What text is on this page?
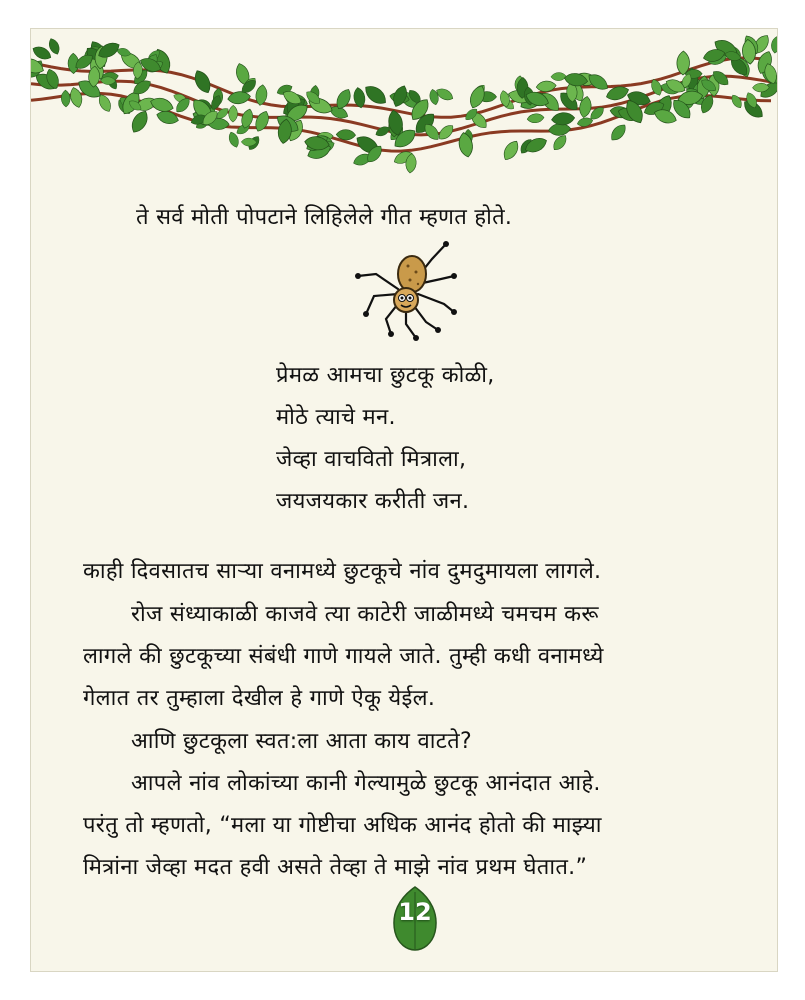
ते सर्व मोती पोपटाने लिहिलेले गीत म्हणत होते.
प्रेमळ आमचा छुटकू कोळी,
मोठे त्याचे मन.
जेव्हा वाचवितो मित्राला,
जयजयकार करीती जन.
काही दिवसातच साऱ्या वनामध्ये छुटकूचे नांव दुमदुमायला लागले.
रोज संध्याकाळी काजवे त्या काटेरी जाळीमध्ये चमचम करू
लागले की छुटकूच्या संबंधी गाणे गायले जाते. तुम्ही कधी वनामध्ये
गेलात तर तुम्हाला देखील हे गाणे ऐकू येईल.
आणि छुटकूला स्वत:ला आता काय वाटते?
आपले नांव लोकांच्या कानी गेल्यामुळे छुटकू आनंदात आहे.
परंतु तो म्हणतो, “मला या गोष्टीचा अधिक आनंद होतो की माझ्या
मित्रांना जेव्हा मदत हवी असते तेव्हा ते माझे नांव प्रथम घेतात.”
12
